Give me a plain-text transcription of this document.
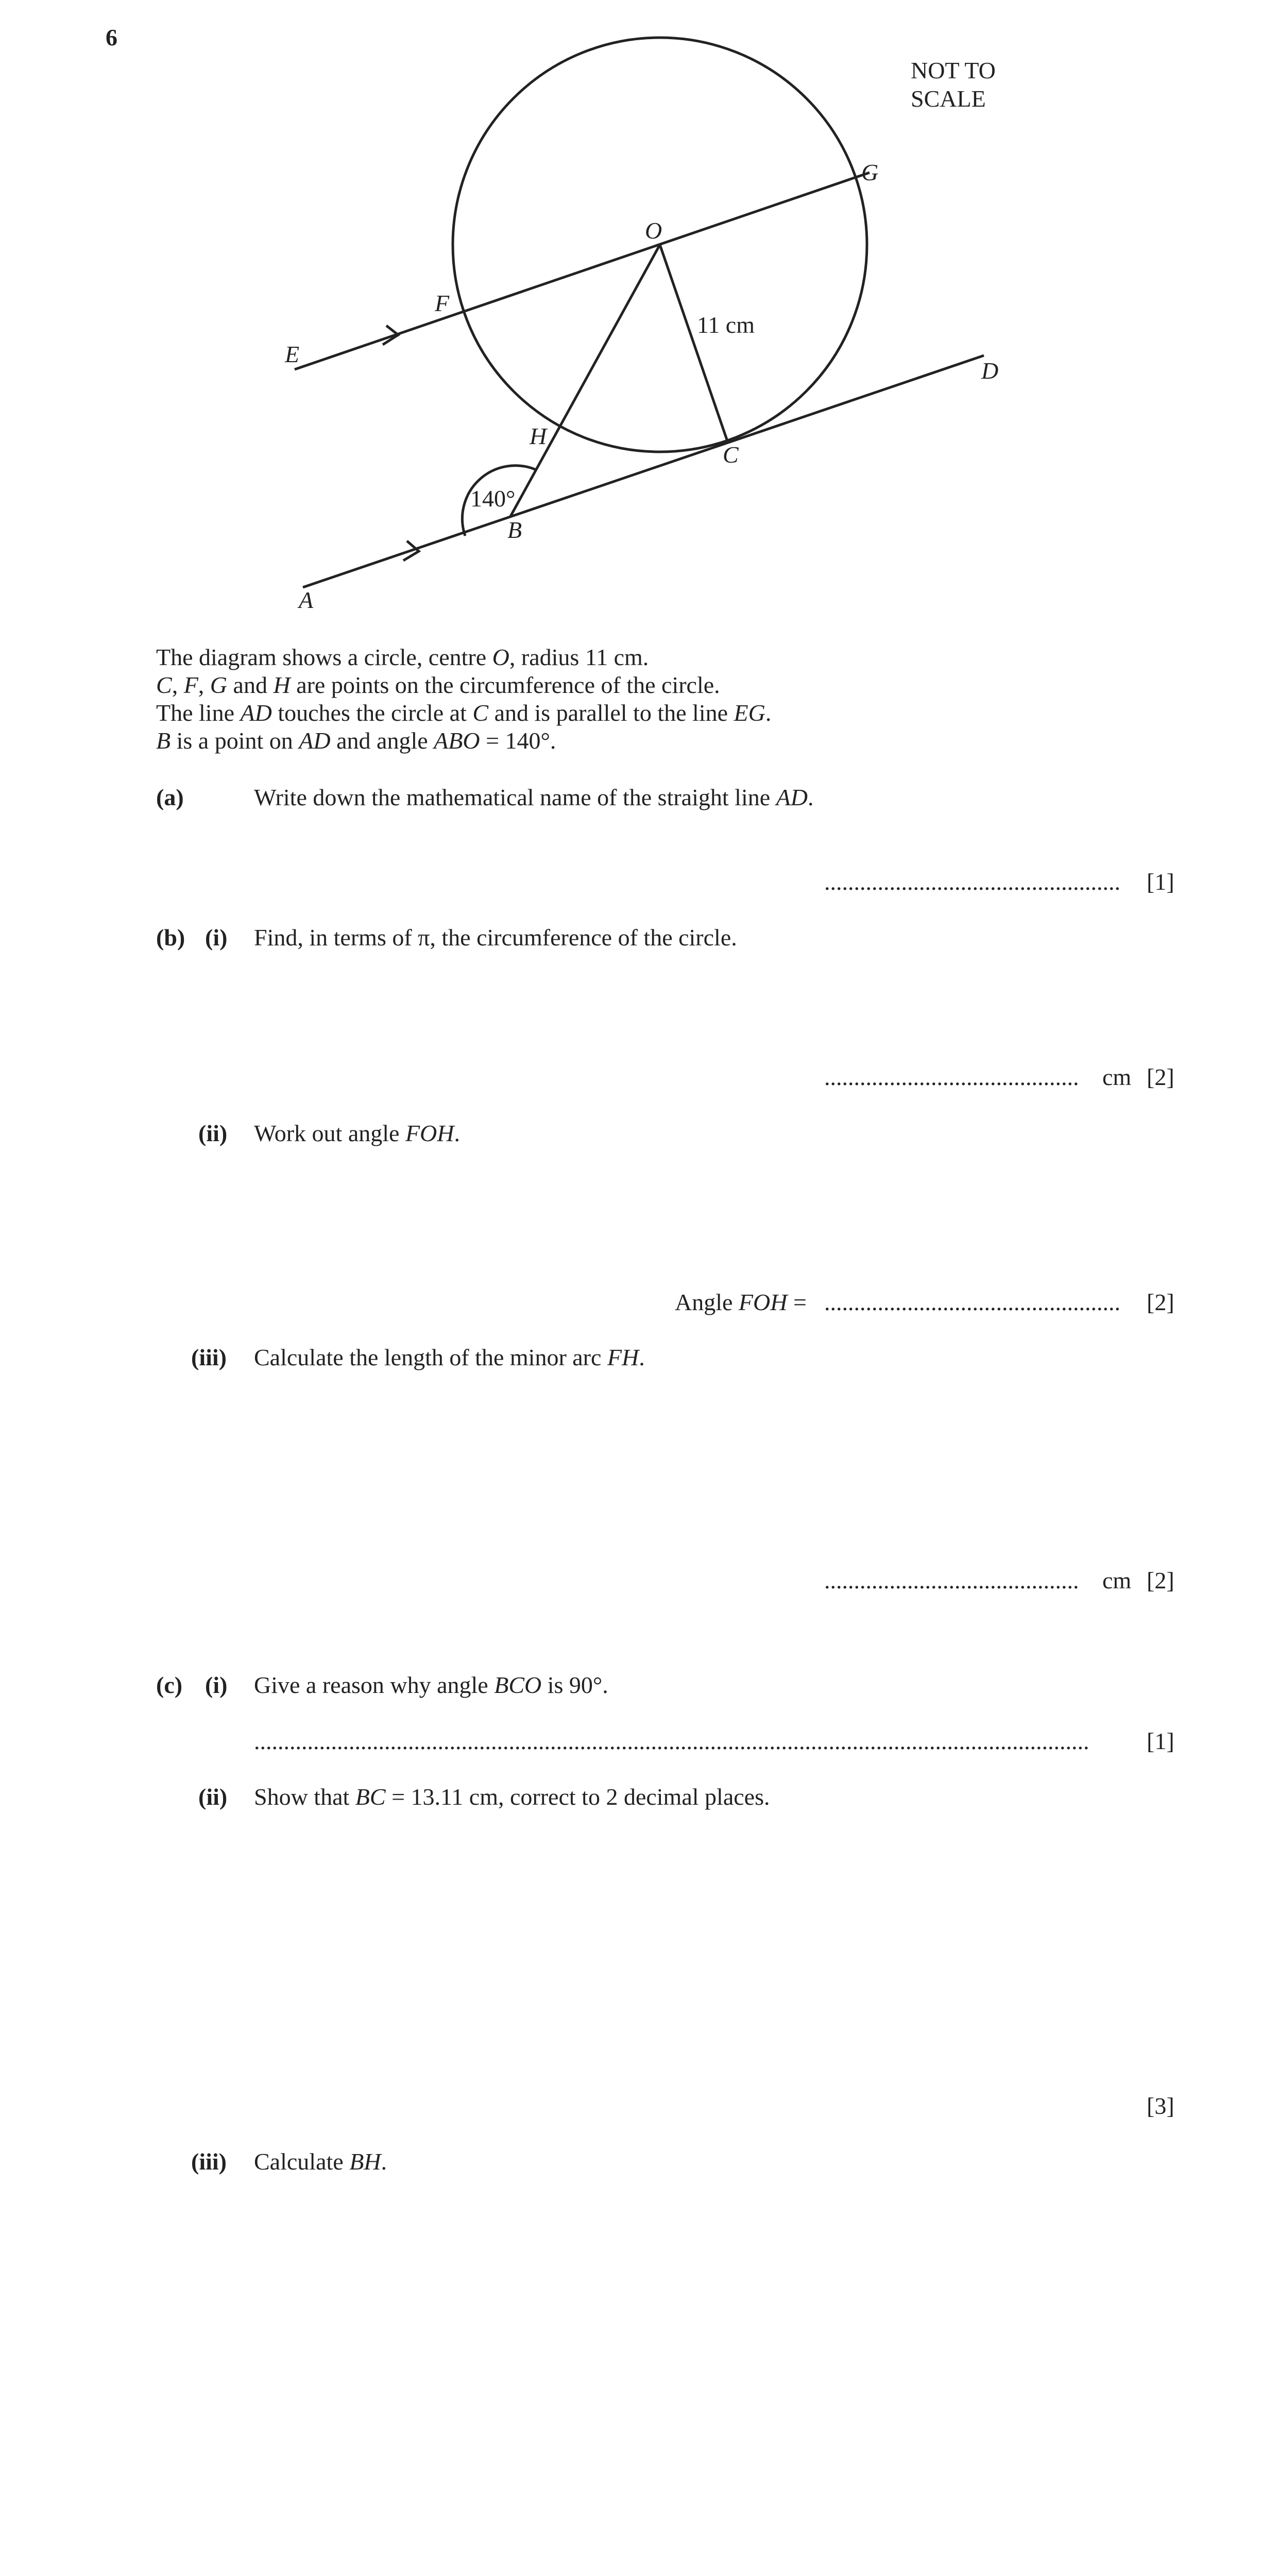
6
O
G
F
E
D
H
C
B
A
11 cm
140°
NOT TO
SCALE
The diagram shows a circle, centre O, radius 11 cm.
C, F, G and H are points on the circumference of the circle.
The line AD touches the circle at C and is parallel to the line EG.
B is a point on AD and angle ABO = 140°.
(a)	Write down the mathematical name of the straight line AD.
.................................................. [1]
(b) (i) Find, in terms of π, the circumference of the circle.
........................................... cm [2]
(ii) Work out angle FOH.
Angle FOH = .................................................. [2]
(iii) Calculate the length of the minor arc FH.
........................................... cm [2]
(c) (i) Give a reason why angle BCO is 90°.
............................................................................................................................................. [1]
(ii) Show that BC = 13.11 cm, correct to 2 decimal places.
[3]
(iii) Calculate BH.
